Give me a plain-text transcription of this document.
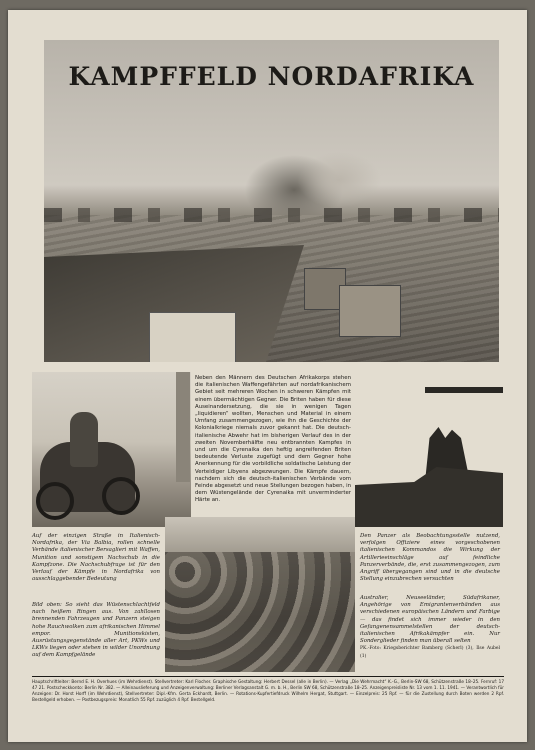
KAMPFFELD NORDAFRIKA

Neben den Männern des Deutschen Afrikakorps stehen die italienischen Waffengefährten auf nordafrikanischem Gebiet seit mehreren Wochen in schweren Kämpfen mit einem übermächtigen Gegner. Die Briten haben für diese Auseinandersetzung, die sie in wenigen Tagen „liquidieren“ wollten, Menschen und Material in einem Umfang zusammengezogen, wie ihn die Geschichte der Kolonialkriege niemals zuvor gekannt hat. Die deutsch-italienische Abwehr hat im bisherigen Verlauf des in der zweiten Novemberhälfte neu entbrannten Kampfes in und um die Cyrenaika den heftig angreifenden Briten bedeutende Verluste zugefügt und dem Gegner hohe Anerkennung für die vorbildliche soldatische Leistung der Verteidiger Libyens abgezwungen. Die Kämpfe dauern, nachdem sich die deutsch-italienischen Verbände vom Feinde abgesetzt und neue Stellungen bezogen haben, in dem Wüstengelände der Cyrenaika mit unverminderter Härte an.

Auf der einzigen Straße in Italienisch-Nordafrika, der Via Balbia, rollen schnelle Verbände italienischer Bersaglieri mit Waffen, Munition und sonstigem Nachschub in die Kampfzone. Die Nachschubfrage ist für den Verlauf der Kämpfe in Nordafrika von ausschlaggebender Bedeutung

Bild oben: So sieht das Wüstenschlachtfeld nach heißem Ringen aus. Von zahllosen brennenden Fahrzeugen und Panzern steigen hohe Rauchwolken zum afrikanischen Himmel empor. Munitionskisten, Ausrüstungsgegenstände aller Art, PKWs und LKWs liegen oder stehen in wilder Unordnung auf dem Kampfgelände

Den Panzer als Beobachtungsstelle nutzend, verfolgen Offiziere eines vorgeschobenen italienischen Kommandos die Wirkung der Artillerieeinschläge auf feindliche Panzerverbände, die, erst zusammengezogen, zum Angriff übergegangen sind und in die deutsche Stellung einzubrechen versuchten

Australier, Neuseeländer, Südafrikaner, Angehörige von Emigrantenverbänden aus verschiedenen europäischen Ländern und Farbige — das findet sich immer wieder in den Gefangenensammelstellen der deutsch-italienischen Afrikakämpfer ein. Nur Sonderglieder finden man überall selten
PK.-Foto: Kriegsberichter Bamberg (Scherl) (3), Ilse Aubel (1)
Hauptschriftleiter: Bernd E. H. Overhues (im Wehrdienst). Stellvertreter: Karl Flocher. Graphische Gestaltung: Herbert Dessel (alle in Berlin). — Verlag „Die Wehrmacht“ K.-G., Berlin-SW 68, Schützenstraße 18–25. Fernruf: 17 47 21. Postscheckkonto: Berlin Nr. 382. — Alleinauslieferung und Anzeigenverwaltung: Berliner Verlagsanstalt G. m. b. H., Berlin SW 68, Schützenstraße 18–25. Anzeigenpreisliste Nr. 13 vom 1. 11. 1941. — Verantwortlich für Anzeigen: Dr. Horst Horff (im Wehrdienst), Stellvertreter: Dipl.-Kfm. Gerta Eckhardt, Berlin. — Rotations-Kupfertiefdruck Wilhelm Hergat, Stuttgart. — Einzelpreis: 25 Rpf. — für die Zustellung durch Boten werden 2 Rpf. Bestellgeld erhoben. — Postbezugspreis: Monatlich 55 Rpf. zuzüglich 4 Rpf. Bestellgeld.
